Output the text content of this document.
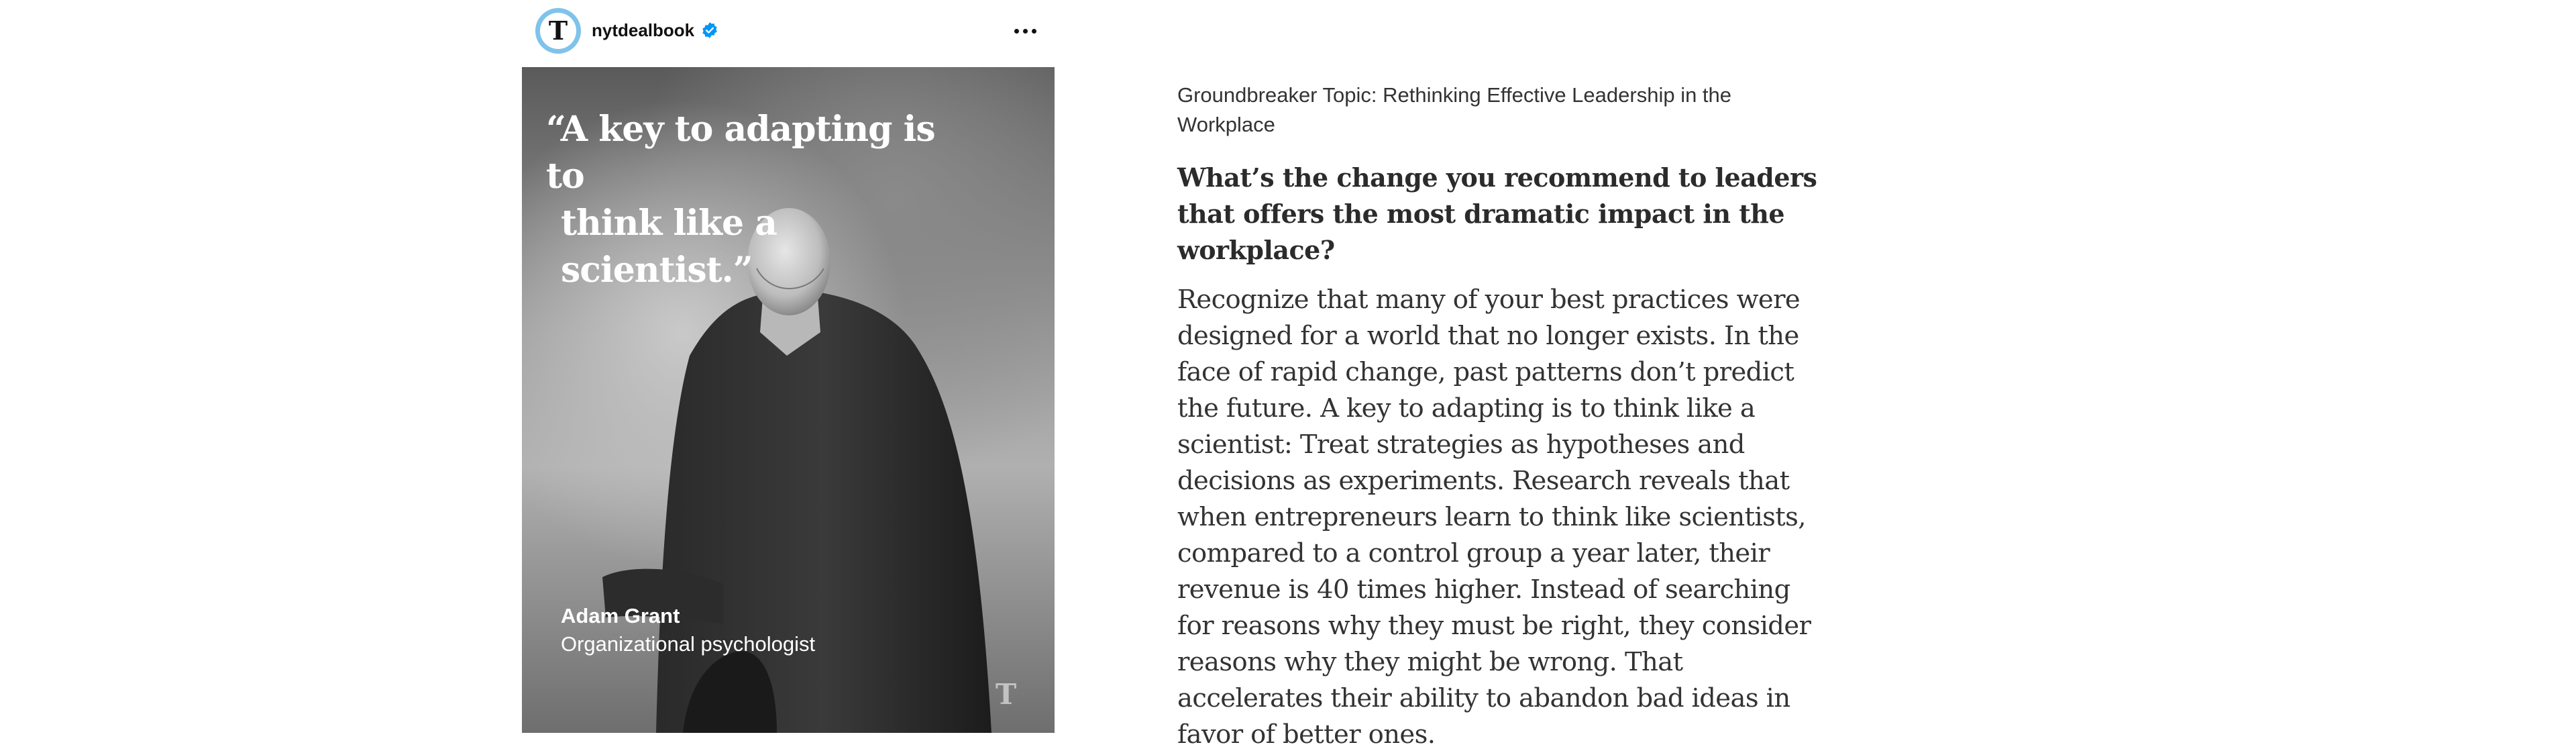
T nytdealbook
“A key to adapting is to
think like a scientist.”
Adam Grant
Organizational psychologist
T

Groundbreaker Topic: Rethinking Effective Leadership in the Workplace

What’s the change you recommend to leaders that offers the most dramatic impact in the workplace?

Recognize that many of your best practices were designed for a world that no longer exists. In the face of rapid change, past patterns don’t predict the future. A key to adapting is to think like a scientist: Treat strategies as hypotheses and decisions as experiments. Research reveals that when entrepreneurs learn to think like scientists, compared to a control group a year later, their revenue is 40 times higher. Instead of searching for reasons why they must be right, they consider reasons why they might be wrong. That accelerates their ability to abandon bad ideas in favor of better ones.
